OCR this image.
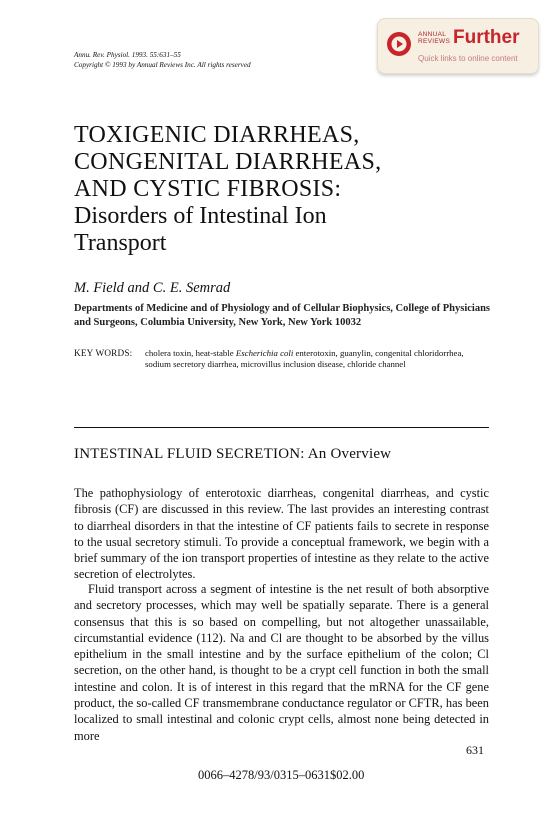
Annu. Rev. Physiol. 1993. 55:631–55
Copyright © 1993 by Annual Reviews Inc. All rights reserved
ANNUAL
REVIEWS Further
Quick links to online content
TOXIGENIC DIARRHEAS,
CONGENITAL DIARRHEAS,
AND CYSTIC FIBROSIS:
Disorders of Intestinal Ion
Transport
M. Field and C. E. Semrad
Departments of Medicine and of Physiology and of Cellular Biophysics, College of Physicians and Surgeons, Columbia University, New York, New York 10032
KEY WORDS: cholera toxin, heat-stable Escherichia coli enterotoxin, guanylin, congenital chloridorrhea, sodium secretory diarrhea, microvillus inclusion disease, chloride channel
INTESTINAL FLUID SECRETION: An Overview

The pathophysiology of enterotoxic diarrheas, congenital diarrheas, and cystic fibrosis (CF) are discussed in this review. The last provides an interesting contrast to diarrheal disorders in that the intestine of CF patients fails to secrete in response to the usual secretory stimuli. To provide a conceptual framework, we begin with a brief summary of the ion transport properties of intestine as they relate to the active secretion of electrolytes.

Fluid transport across a segment of intestine is the net result of both absorptive and secretory processes, which may well be spatially separate. There is a general consensus that this is so based on compelling, but not altogether unassailable, circumstantial evidence (112). Na and Cl are thought to be absorbed by the villus epithelium in the small intestine and by the surface epithelium of the colon; Cl secretion, on the other hand, is thought to be a crypt cell function in both the small intestine and colon. It is of interest in this regard that the mRNA for the CF gene product, the so-called CF transmembrane conductance regulator or CFTR, has been localized to small intestinal and colonic crypt cells, almost none being detected in more

631
0066–4278/93/0315–0631$02.00
